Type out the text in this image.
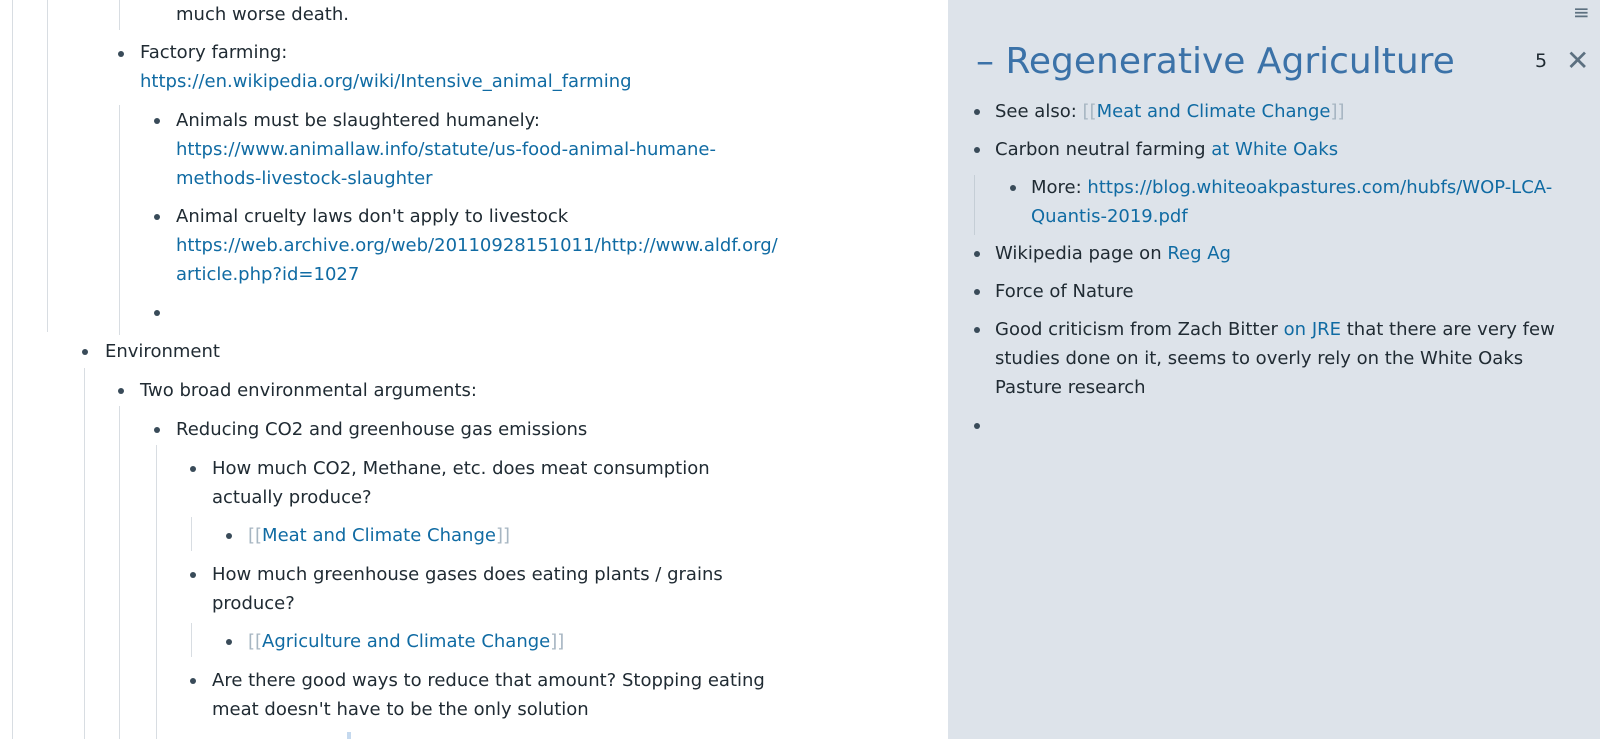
much worse death.
Factory farming:
https://en.wikipedia.org/wiki/Intensive_animal_farming
Animals must be slaughtered humanely:
https://www.animallaw.info/statute/us-food-animal-humane-
methods-livestock-slaughter
Animal cruelty laws don't apply to livestock
https://web.archive.org/web/20110928151011/http://www.aldf.org/
article.php?id=1027
Environment
Two broad environmental arguments:
Reducing CO2 and greenhouse gas emissions
How much CO2, Methane, etc. does meat consumption
actually produce?
[[Meat and Climate Change]]
How much greenhouse gases does eating plants / grains
produce?
[[Agriculture and Climate Change]]
Are there good ways to reduce that amount? Stopping eating
meat doesn't have to be the only solution
≡
– Regenerative Agriculture	5 ✕
See also: [[Meat and Climate Change]]
Carbon neutral farming at White Oaks
More: https://blog.whiteoakpastures.com/hubfs/WOP-LCA-
Quantis-2019.pdf
Wikipedia page on Reg Ag
Force of Nature
Good criticism from Zach Bitter on JRE that there are very few
studies done on it, seems to overly rely on the White Oaks
Pasture research
